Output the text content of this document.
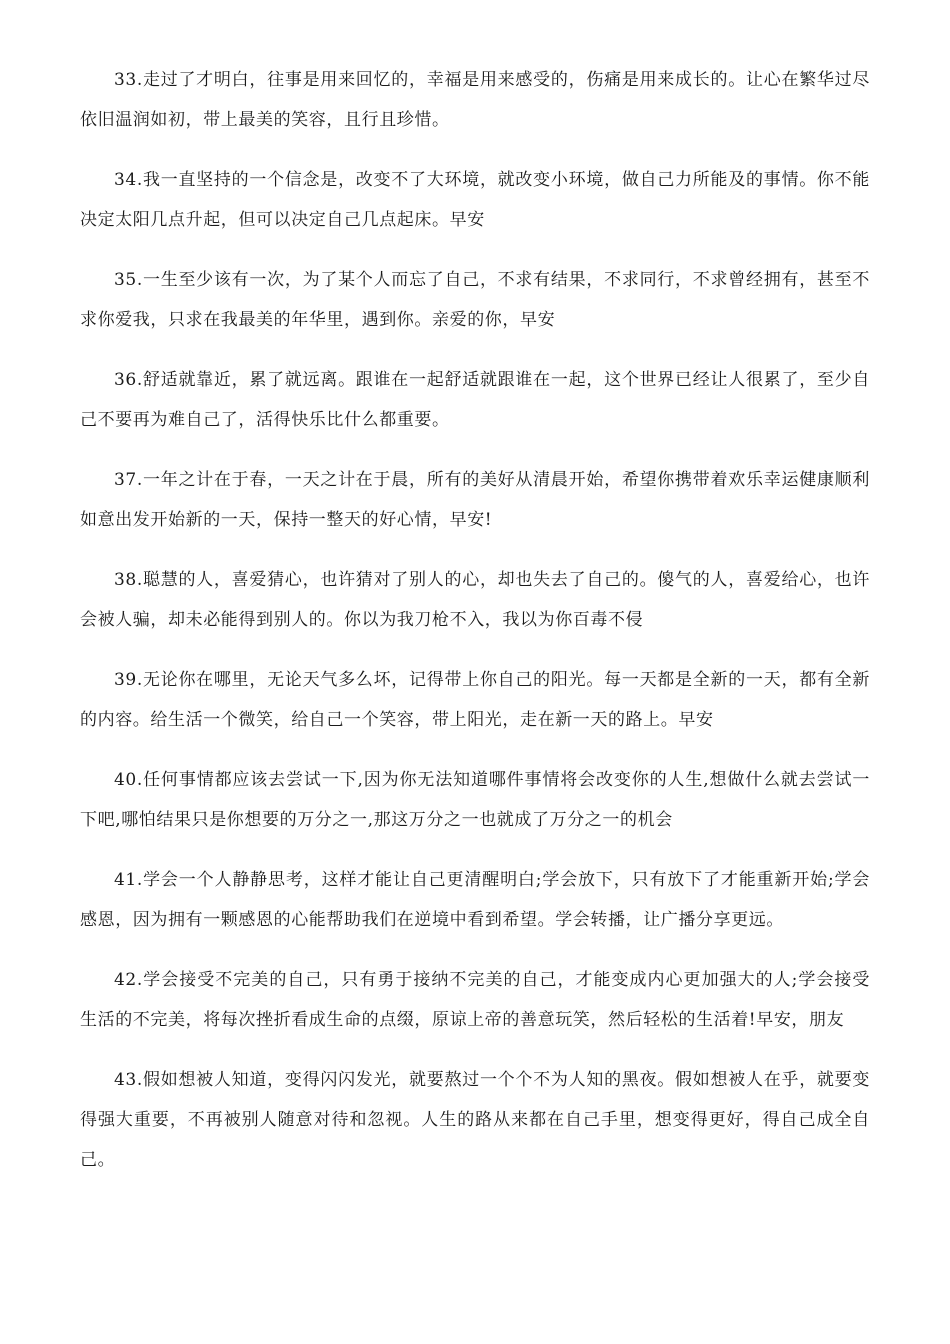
33.走过了才明白，往事是用来回忆的，幸福是用来感受的，伤痛是用来成长的。让心在繁华过尽依旧温润如初，带上最美的笑容，且行且珍惜。

34.我一直坚持的一个信念是，改变不了大环境，就改变小环境，做自己力所能及的事情。你不能决定太阳几点升起，但可以决定自己几点起床。早安

35.一生至少该有一次，为了某个人而忘了自己，不求有结果，不求同行，不求曾经拥有，甚至不求你爱我，只求在我最美的年华里，遇到你。亲爱的你，早安

36.舒适就靠近，累了就远离。跟谁在一起舒适就跟谁在一起，这个世界已经让人很累了，至少自己不要再为难自己了，活得快乐比什么都重要。

37.一年之计在于春，一天之计在于晨，所有的美好从清晨开始，希望你携带着欢乐幸运健康顺利如意出发开始新的一天，保持一整天的好心情，早安!

38.聪慧的人，喜爱猜心，也许猜对了别人的心，却也失去了自己的。傻气的人，喜爱给心，也许会被人骗，却未必能得到别人的。你以为我刀枪不入，我以为你百毒不侵

39.无论你在哪里，无论天气多么坏，记得带上你自己的阳光。每一天都是全新的一天，都有全新的内容。给生活一个微笑，给自己一个笑容，带上阳光，走在新一天的路上。早安

40.任何事情都应该去尝试一下,因为你无法知道哪件事情将会改变你的人生,想做什么就去尝试一下吧,哪怕结果只是你想要的万分之一,那这万分之一也就成了万分之一的机会

41.学会一个人静静思考，这样才能让自己更清醒明白;学会放下，只有放下了才能重新开始;学会感恩，因为拥有一颗感恩的心能帮助我们在逆境中看到希望。学会转播，让广播分享更远。

42.学会接受不完美的自己，只有勇于接纳不完美的自己，才能变成内心更加强大的人;学会接受生活的不完美，将每次挫折看成生命的点缀，原谅上帝的善意玩笑，然后轻松的生活着!早安，朋友

43.假如想被人知道，变得闪闪发光，就要熬过一个个不为人知的黑夜。假如想被人在乎，就要变得强大重要，不再被别人随意对待和忽视。人生的路从来都在自己手里，想变得更好，得自己成全自己。
